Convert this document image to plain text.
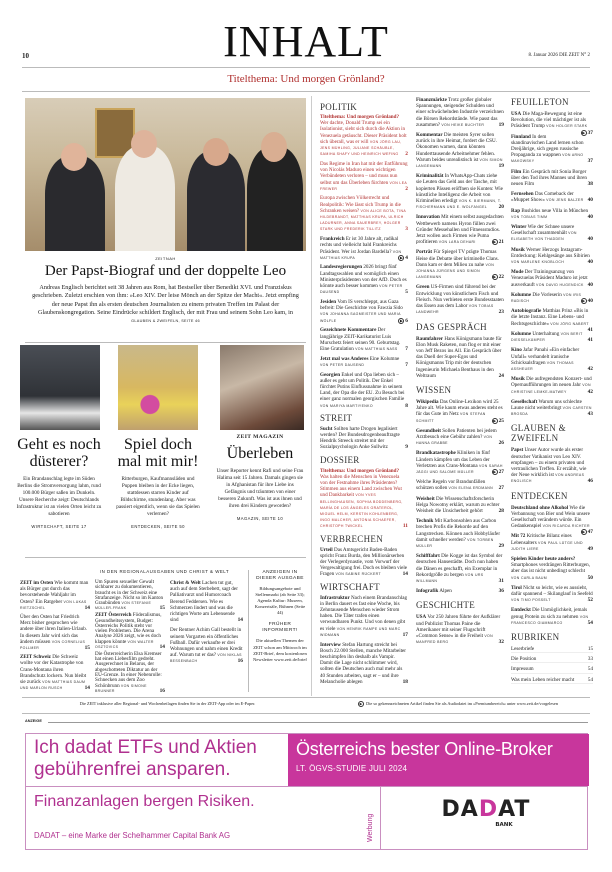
10	INHALT	8. Januar 2026 DIE ZEIT N° 2
Titelthema: Und morgen Grönland?
ZEITNAH
Der Papst-Biograf und der doppelte Leo
Andreas Englisch berichtet seit 38 Jahren aus Rom, hat Bestseller über Benedikt XVI. und Franziskus geschrieben. Zuletzt erschien von ihm: »Leo XIV. Der leise Mönch an der Spitze der Macht«. Jetzt empfing der neue Papst ihn als ersten deutschen Journalisten zu einem privaten Treffen im Palast der Glaubenskongregation. Seine Eindrücke schildert Englisch, der mit Frau und seinem Sohn Leo kam, in GLAUBEN & ZWEIFELN, SEITE 46
Geht es noch düsterer?
Ein Brandanschlag legte im Süden Berlins die Stromversorgung lahm, rund 100.000 Bürger saßen im Dunkeln. Unsere Recherche zeigt: Deutschlands Infrastruktur ist an vielen Orten leicht zu sabotieren
WIRTSCHAFT, SEITE 17
Spiel doch mal mit mir!
Ritterburgen, Kaufmannsläden und Puppen bleiben in der Ecke liegen, stattdessen starren Kinder auf Bildschirme, stundenlang. Aber was passiert eigentlich, wenn sie das Spielen verlernen?
ENTDECKEN, SEITE 50
ZEIT MAGAZIN
Überleben
Unser Reporter kennt Rafi und seine Frau Halima seit 15 Jahren. Damals gingen sie in Afghanistan für ihre Liebe ins Gefängnis und träumten von einer besseren Zukunft. Was ist aus ihnen und ihren drei Kindern geworden?
MAGAZIN, SEITE 10
IN DEN REGIONALAUSGABEN UND CHRIST & WELT
ZEIT im Osten Wie kommt man als Bürger gut durch das bevorstehende Wahljahr im Osten? Ein Ratgeber VON LUKAS RIETZSCHEL	14
Über den Osten hat Friedrich Merz bisher gesprochen wie andere über ihren Italien-Urlaub. In diesem Jahr wird sich das ändern müssen VON CORNELIUS POLLMER	15
ZEIT Schweiz Die Schweiz wollte vor der Katastrophe von Crans-Montana ihren Brandschutz lockern. Nun bleibt sie zurück VON MATTHIAS DAUM UND MARLON RUSCH	14
Um Spuren sexueller Gewalt sichbarer zu dokumentieren, braucht es in der Schweiz eine Strafanzeige. Nicht so im Kanton Graubünden VON STEFANIE MÜLLER-FRANK	15
ZEIT Österreich Föderalismus, Gesundheitssystem, Budget: Österreichs Politik steht vor vielen Problemen. Die Arena Analyse 2026 zeigt, wie es doch klappen könnte VON WALTER OSZTOVICS	14
Die Österreicherin Elsa Kremser hat einen Liebesfilm gedreht. Ausgerechnet in Belarus, der abgeschotteten Diktatur an der EU-Grenze. In einer Nebenrolle: Schnecken aus dem Zoo Schönbrunn VON SIMONE BRUNNER	16
Christ & Welt Lachen tut gut, auch auf dem Sterbebett, sagt der Palliativarzt und Humorcoach Berend Feddersen. Wie es Schmerzen lindert und was die richtigen Worte am Lebensende sind	14
Der Rentner Achim Gall bestellt in seinem Vorgarten ein öffentliches Fußball. Dafür verkaufte er drei Wohnungen und nahm einen Kredit auf. Warum tut er das? VON NIKLAS BESSENBACH	16
ANZEIGEN IN DIESER AUSGABE
Bildungsangebote und Stellenmarkt (ab Seite 33); Agenda Kultur: Museen, Konzertsäle, Bühnen (Seite 44)
FRÜHER INFORMIERT!
Die aktuellen Themen der ZEIT schon am Mittwoch im ZEIT-Brief, dem kostenlosen Newsletter www.zeit.de/brief
POLITIK
Titelthema: Und morgen Grönland? Wer dachte, Donald Trump sei ein Isolationist, sieht sich durch die Aktion in Venezuela getäuscht. Dieser Präsident holt sich überall, was er will VON JÖRG LAU, JENS MÜHLING, JULIANE SCHÄUBLE, SAMIHA SHAFY UND HEINRICH WEFING 2
Das Regime in Iran hat mit der Entführung von Nicolás Maduro einen wichtigen Verbündeten verloren – und muss nun selbst um das Überleben fürchten VON LEA FREWER	2
Europa zwischen Völkerrecht und Realpolitik: Wie lässt sich Trump in die Schranken weisen? VON ALICE BOTA, TINA HILDEBRANDT, MATTHIAS KRUPA, ULRICH LADURNER, ANNA SAUERBREY, HOLGER STARK UND FREDERIK TILLITZ	3
Frankreich Er ist 30 Jahre alt, radikal rechts und vielleicht bald Frankreichs Präsident. Wer ist Jordan Bardella? VON MATTHIAS KRUPA	▶ 4
Landesregierungen 2026 bringt fünf Landtagswahlen und womöglich einen Ministerpräsidenten von der AfD. Doch es könnte auch besser kommen VON PETER DAUSEND	5
Jesiden Vom IS verschleppt, aus Gaza befreit: Die Geschichte von Fawzia Sido VON JOHANNA SAGMEISTER UND MARIA WÖLFLE	▶ 6
Gezeichnete Kommentare Der langjährige ZEIT-Karikaturist Luis Murschetz feiert seinen 90. Geburtstag. Eine Gratulation VON MATTHIAS NASS 7
Jetzt mal was Anderes Eine Kolumne VON PETER DAUSEND	7
Georgien Enkel und Opa lieben sich – außer es geht um Politik. Der Enkel fürchtet Putins Einflussnahme in seinem Land, der Opa die der EU. Zu Besuch bei einer ganz normalen georgischen Familie VON MARIYA MARTIYENKO	8
STREIT
Sucht Sollten harte Drogen legalisiert werden? Der Bundesdrogenbeauftragte Hendrik Streeck streitet mit der Sozialpsychologin Anke Sullwitz	9
DOSSIER
Titelthema: Und morgen Grönland? Was halten die Menschen in Venezuela von der Festnahme ihres Präsidenten? Stimmen aus einem Land zwischen Wut und Dankbarkeit VON YVES BELLINGHAUSEN, SOPHIA BODDENBERG, MARÍA DE LOS ÁNGELES GRATEROL, MIGUEL HELM, KERSTIN KOHLENBERG, INGO MALCHER, ANTONIA SCHAEFER, CHRISTOPH TWICKEL	11
VERBRECHEN
Urteil Das Amtsgericht Baden-Baden spricht Franz Burda, den Millionärserben der Verlegerdynastie, vom Vorwurf der Vergewaltigung frei. Doch es bleiben viele Fragen VON SABINE RÜCKERT	14
WIRTSCHAFT
Infrastruktur Nach einem Brandanschlag in Berlin dauert es fast eine Woche, bis Zehntausende Menschen wieder Strom haben. Die Täter trafen einen verwundbaren Punkt. Und von denen gibt es viele VON HENRIK RAMPE UND MARC WIDMANN	17
Interview Stefan Hartung streicht bei Bosch 22.000 Stellen, manche Mitarbeiter beschimpfen ihn deshalb als Vampir. Damit die Lage nicht schlimmer wird, sollten die Deutschen auch mal mehr als 40 Stunden arbeiten, sagt er – und ihre Melancholie ablegen	18
Finanzmärkte Trotz großer globaler Spannungen, steigender Schulden und einer schwächelnden Industrie verzeichnen die Börsen Rekordstände. Wie passt das zusammen? VON HEIKE BUCHTER	19
Kommentar Die meisten Syrer sollen zurück in ihre Heimat, fordert die CSU. Ökonomen warnen, dann könnten Hunderttausende Arbeitnehmer fehlen. Warum beides unrealistisch ist VON SIMON LANGEMANN	19
Kriminalität In WhatsApp-Chats ziehe sie Leuten das Geld aus der Tasche, mit kopierten Pässen eröffnen sie Konten: Wie künstliche Intelligenz die Arbeit von Kriminellen erledigt VON K. BIERMANN, T. FISCHERMANN UND E. WOLFANGEL 20
Innovation Mit einem selbst ausgedachten Wettbewerb namens Hyron füllen zwei Gründer Messehallen und Fitnessstudios. Jetzt wollen auch Firmen wie Puma profitieren VON LARA DEHARI	▶ 21
Porträt Für Spiegel TV prägte Thomas Heise die Debatte über kriminelle Clans. Dann kam er dem Milieu zu nahe VON JOHANNA JÜRGENS UND SIMON LANGEMANN	▶ 22
Green US-Firmen sind führend bei der Entwicklung von künstlichem Fisch und Fleisch. Nun verbieten erste Bundesstaaten das Essen aus dem Labor VON TOBIAS LANDWEHR	23
DAS GESPRÄCH
Raumfahrer Hans Königsmann baute für Elon Musk Raketen, nun flog er mit einer von Jeff Bezos ins All. Ein Gespräch über das Duell der Super-Egos und Königsmanns Trip mit der deutschen Ingenieurin Michaela Benthaus in den Weltraum	24
WISSEN
Wikipedia Das Online-Lexikon wird 25 Jahre alt. Wie kaum etwas anderes steht es für das Gute im Netz VON STEFAN SCHMITT	▶ 25
Gesundheit Sollen Patienten bei jedem Arztbesuch eine Gebühr zahlen? VON HANNA GRABBE	26
Brandkatastrophe Kliniken in fünf Ländern kämpfen um das Leben der Verletzten aus Crans-Montana VON SARAH JÄGGI UND SALOME MÜLLER	▶ 27
Welche Regeln vor Brandunfällen schützen sollen VON ELENA ERDMANN 27
Weisheit Die Wissenschaftsforscherin Helga Nowotny erklärt, warum zu echter Weisheit die Unsicherheit gehört	28
Technik Mit Karbonsohlen aus Carbon brechen Profis die Rekorde auf den Langstrecken. Können auch Hobbyläufer damit schneller werden? VON TORBEN MÜLLER	29
Schifffahrt Die Kogge ist das Symbol der deutschen Hansestädte. Doch nun haben die Dänen es geschafft, ein Exemplar in Rekordgröße zu bergen VON URS WILLMANN	31
Infografik Alpen	36
GESCHICHTE
USA Vor 250 Jahren führte der Aufklärer und Publizist Thomas Paine die Amerikaner mit seiner Flugschrift »Common Sense« in die Freiheit VON MANFRED BERG	32
FEUILLETON
USA Die Maga-Bewegung ist eine Revolution, die viel mächtiger ist als Präsident Trump VON HOLGER STARK
▶ 37
Finnland In dem skandinavischen Land lernen schon Dreijährige, sich gegen russische Propaganda zu wappnen VON ARNO MAKOWSKY	37
Film Ein Gespräch mit Sonia Borger über den Tod ihres Mannes und ihren neuen Film	38
Fernsehen Das Comeback der »Muppet Show« VON JENS BALZER 40
Rap Bushidos neue Villa in München VON TOBIAS TIMM	40
Winter Wie der Schnee unsere Gesellschaft zusammenhält VON ELISABETH VON THADDEN	40
Musik Werner Herzogs Instagram-Entdeckung: Kehlgesänge aus Sibirien VON MARLENE KNOBLOCH	40
Mode Der Trainingsanzug von Venezuelas Präsident Maduro ist jetzt ausverkauft VON DAVID HUGENDICK 40
Kolumne Die Vorleserin VON IRIS RADISCH	▶ 40
Autobiografie Matthias Prinz »Bis in die letzte Instanz. Eine Lebens- und Rechtsgeschichte« VON JÖRG NABERT
41
Kolumne Unterhaltung VON BERIT DIESSELKÄMPER	41
Kino Jafar Panahi »Ein einfacher Unfall« verhandelt iranische Schicksalsfragen VON THOMAS ASSHEUER	42
Musik Die aufregendsten Konzert- und Opernaufführungen im neuen Jahr VON CHRISTINE LEMKE-MATWEY	42
Gesellschaft Warum uns schlechte Laune nicht weiterbringt VON CARSTEN BROSDA	43
GLAUBEN & ZWEIFELN
Papst Unser Autor wurde als erster deutscher Vatikanist von Leo XIV. empfangen – zu einem privaten und vertraulichen Treffen. Er erzählt, wie der Neue wirklich ist VON ANDREAS ENGLISCH	46
ENTDECKEN
Deutschland ohne Alkohol Wie die Verbannung von Bier und Wein unsere Gesellschaft verändern würde. Ein Gedankenspiel VON RICARDA RICHTER
▶ 47
Mit 72 Kritische Bilanz eines Lebensalters VON PAUL LÜTGE UND JUDITH LIERE	49
Spielen Kinder heute anders? Smartphones verdrängen Ritterburgen, aber das ist nicht unbedingt schlecht VON CARLA BAUM	50
Tirol Nicht so leicht, wie es aussieht, dafür spannend – Skilanglauf in Seefeld VON TIMO POSSELT	52
Entdeckt Die Unmöglichkeit, jemals genug Protein zu sich zu nehmen VON FRANCESCO GIAMMARCO	54
RUBRIKEN
Leserbriefe	15
Die Position	33
Impressum	54
Was mein Leben reicher macht	54
Die ZEIT inklusive aller Regional- und Wochenbeilagen finden Sie in der ZEIT-App oder im E-Paper.	▶ Die so gekennzeichneten Artikel finden Sie als Audiodatei im »Premiumbereich« unter www.zeit.de/vorgelesen
ANZEIGE
Ich dadat ETFs und Aktien gebührenfrei ansparen.
Österreichs bester Online-Broker
LT. ÖGVS-STUDIE JULI 2024
Finanzanlagen bergen Risiken.
DADAT – eine Marke der Schelhammer Capital Bank AG	Werbung
DADAT
BANK
